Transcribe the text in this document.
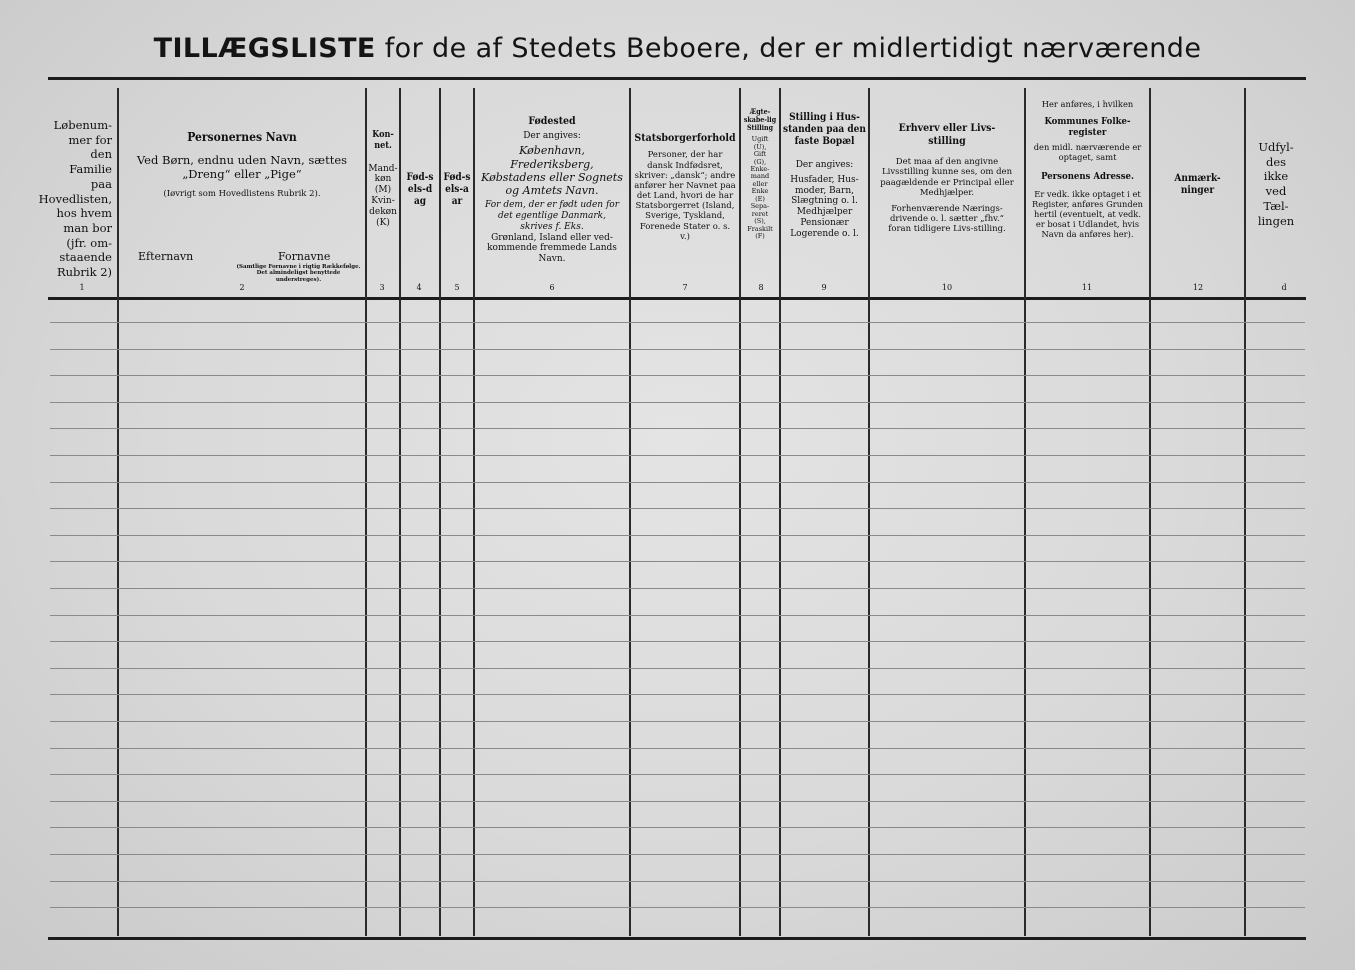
TILLÆGSLISTE for de af Stedets Beboere, der er midlertidigt nærværende
Løbenum-
mer for den
Familie paa
Hovedlisten,
hos hvem
man bor
(jfr. om-
staaende
Rubrik 2)
Personernes Navn
Ved Børn, endnu uden Navn, sættes
„Dreng“ eller „Pige“
(Iøvrigt som Hovedlistens Rubrik 2).
Efternavn	Fornavne
(Samtlige Fornavne i rigtig Rækkefølge. Det almindeligst benyttede understreges).
Kon-net.
Mand-
køn
(M)
Kvin-
dekøn
(K)
Fød-sels-dag
Fød-sels-aar
Fødested
Der angives:
København, Frederiksberg, Købstadens eller Sognets og Amtets Navn.
For dem, der er født uden for det egentlige Danmark, skrives f. Eks.
Grønland, Island eller ved-kommende fremmede Lands Navn.
Statsborgerforhold
Personer, der har dansk Indfødsret, skriver: „dansk“; andre anfører her Navnet paa det Land, hvori de har Statsborgerret (Island, Sverige, Tyskland, Forenede Stater o. s. v.)
Ægte-skabe-lig Stilling
Ugift
(U),
Gift
(G),
Enke-
mand
eller
Enke
(E)
Sepa-
reret
(S),
Fraskilt
(F)
Stilling i Hus-standen paa den faste Bopæl
Der angives:
Husfader, Hus-
moder, Barn,
Slægtning o. l.
Medhjælper
Pensionær
Logerende o. l.
Erhverv eller Livs-stilling
Det maa af den angivne Livsstilling kunne ses, om den paagældende er Principal eller Medhjælper.
Forhenværende Nærings-drivende o. l. sætter „fhv.“ foran tidligere Livs-stilling.
Her anføres, i hvilken
Kommunes Folke-register
den midl. nærværende er optaget, samt
Personens Adresse.
Er vedk. ikke optaget i et Register, anføres Grunden hertil (eventuelt, at vedk. er bosat i Udlandet, hvis Navn da anføres her).
Anmærk-ninger
Udfyl-
des
ikke
ved
Tæl-
lingen
1	2	3	4	5	6	7	8	9	10	11	12	d
